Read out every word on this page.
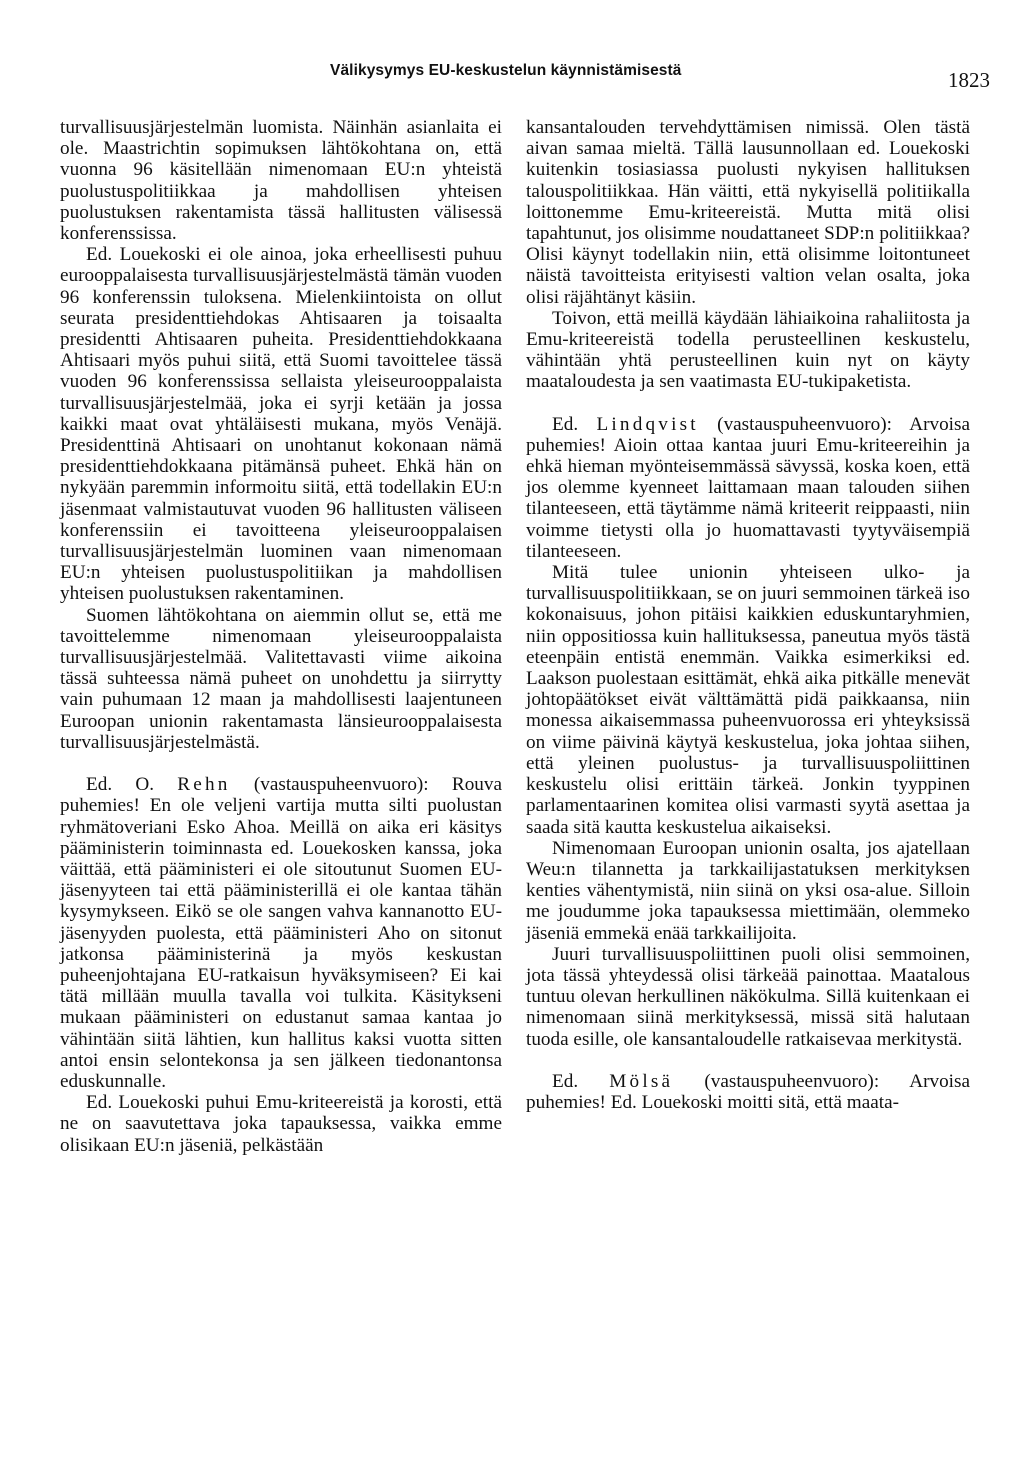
Välikysymys EU-keskustelun käynnistämisestä	1823

turvallisuusjärjestelmän luomista. Näinhän asianlaita ei ole. Maastrichtin sopimuksen lähtökohtana on, että vuonna 96 käsitellään nimenomaan EU:n yhteistä puolustuspolitiikkaa ja mahdollisen yhteisen puolustuksen rakentamista tässä hallitusten välisessä konferenssissa.

Ed. Louekoski ei ole ainoa, joka erheellisesti puhuu eurooppalaisesta turvallisuusjärjestelmästä tämän vuoden 96 konferenssin tuloksena. Mielenkiintoista on ollut seurata presidenttiehdokas Ahtisaaren ja toisaalta presidentti Ahtisaaren puheita. Presidenttiehdokkaana Ahtisaari myös puhui siitä, että Suomi tavoittelee tässä vuoden 96 konferenssissa sellaista yleiseurooppalaista turvallisuusjärjestelmää, joka ei syrji ketään ja jossa kaikki maat ovat yhtäläisesti mukana, myös Venäjä. Presidenttinä Ahtisaari on unohtanut kokonaan nämä presidenttiehdokkaana pitämänsä puheet. Ehkä hän on nykyään paremmin informoitu siitä, että todellakin EU:n jäsenmaat valmistautuvat vuoden 96 hallitusten väliseen konferenssiin ei tavoitteena yleiseurooppalaisen turvallisuusjärjestelmän luominen vaan nimenomaan EU:n yhteisen puolustuspolitiikan ja mahdollisen yhteisen puolustuksen rakentaminen.

Suomen lähtökohtana on aiemmin ollut se, että me tavoittelemme nimenomaan yleiseurooppalaista turvallisuusjärjestelmää. Valitettavasti viime aikoina tässä suhteessa nämä puheet on unohdettu ja siirrytty vain puhumaan 12 maan ja mahdollisesti laajentuneen Euroopan unionin rakentamasta länsieurooppalaisesta turvallisuusjärjestelmästä.

Ed. O. Rehn (vastauspuheenvuoro): Rouva puhemies! En ole veljeni vartija mutta silti puolustan ryhmätoveriani Esko Ahoa. Meillä on aika eri käsitys pääministerin toiminnasta ed. Louekosken kanssa, joka väittää, että pääministeri ei ole sitoutunut Suomen EU-jäsenyyteen tai että pääministerillä ei ole kantaa tähän kysymykseen. Eikö se ole sangen vahva kannanotto EU-jäsenyyden puolesta, että pääministeri Aho on sitonut jatkonsa pääministerinä ja myös keskustan puheenjohtajana EU-ratkaisun hyväksymiseen? Ei kai tätä millään muulla tavalla voi tulkita. Käsitykseni mukaan pääministeri on edustanut samaa kantaa jo vähintään siitä lähtien, kun hallitus kaksi vuotta sitten antoi ensin selontekonsa ja sen jälkeen tiedonantonsa eduskunnalle.

Ed. Louekoski puhui Emu-kriteereistä ja korosti, että ne on saavutettava joka tapauksessa, vaikka emme olisikaan EU:n jäseniä, pelkästään

kansantalouden tervehdyttämisen nimissä. Olen tästä aivan samaa mieltä. Tällä lausunnollaan ed. Louekoski kuitenkin tosiasiassa puolusti nykyisen hallituksen talouspolitiikkaa. Hän väitti, että nykyisellä politiikalla loittonemme Emu-kriteereistä. Mutta mitä olisi tapahtunut, jos olisimme noudattaneet SDP:n politiikkaa? Olisi käynyt todellakin niin, että olisimme loitontuneet näistä tavoitteista erityisesti valtion velan osalta, joka olisi räjähtänyt käsiin.

Toivon, että meillä käydään lähiaikoina rahaliitosta ja Emu-kriteereistä todella perusteellinen keskustelu, vähintään yhtä perusteellinen kuin nyt on käyty maataloudesta ja sen vaatimasta EU-tukipaketista.

Ed. Lindqvist (vastauspuheenvuoro): Arvoisa puhemies! Aioin ottaa kantaa juuri Emu-kriteereihin ja ehkä hieman myönteisemmässä sävyssä, koska koen, että jos olemme kyenneet laittamaan maan talouden siihen tilanteeseen, että täytämme nämä kriteerit reippaasti, niin voimme tietysti olla jo huomattavasti tyytyväisempiä tilanteeseen.

Mitä tulee unionin yhteiseen ulko- ja turvallisuuspolitiikkaan, se on juuri semmoinen tärkeä iso kokonaisuus, johon pitäisi kaikkien eduskuntaryhmien, niin oppositiossa kuin hallituksessa, paneutua myös tästä eteenpäin entistä enemmän. Vaikka esimerkiksi ed. Laakson puolestaan esittämät, ehkä aika pitkälle menevät johtopäätökset eivät välttämättä pidä paikkaansa, niin monessa aikaisemmassa puheenvuorossa eri yhteyksissä on viime päivinä käytyä keskustelua, joka johtaa siihen, että yleinen puolustus- ja turvallisuuspoliittinen keskustelu olisi erittäin tärkeä. Jonkin tyyppinen parlamentaarinen komitea olisi varmasti syytä asettaa ja saada sitä kautta keskustelua aikaiseksi.

Nimenomaan Euroopan unionin osalta, jos ajatellaan Weu:n tilannetta ja tarkkailijastatuksen merkityksen kenties vähentymistä, niin siinä on yksi osa-alue. Silloin me joudumme joka tapauksessa miettimään, olemmeko jäseniä emmekä enää tarkkailijoita.

Juuri turvallisuuspoliittinen puoli olisi semmoinen, jota tässä yhteydessä olisi tärkeää painottaa. Maatalous tuntuu olevan herkullinen näkökulma. Sillä kuitenkaan ei nimenomaan siinä merkityksessä, missä sitä halutaan tuoda esille, ole kansantaloudelle ratkaisevaa merkitystä.

Ed. Mölsä (vastauspuheenvuoro): Arvoisa puhemies! Ed. Louekoski moitti sitä, että maata-
